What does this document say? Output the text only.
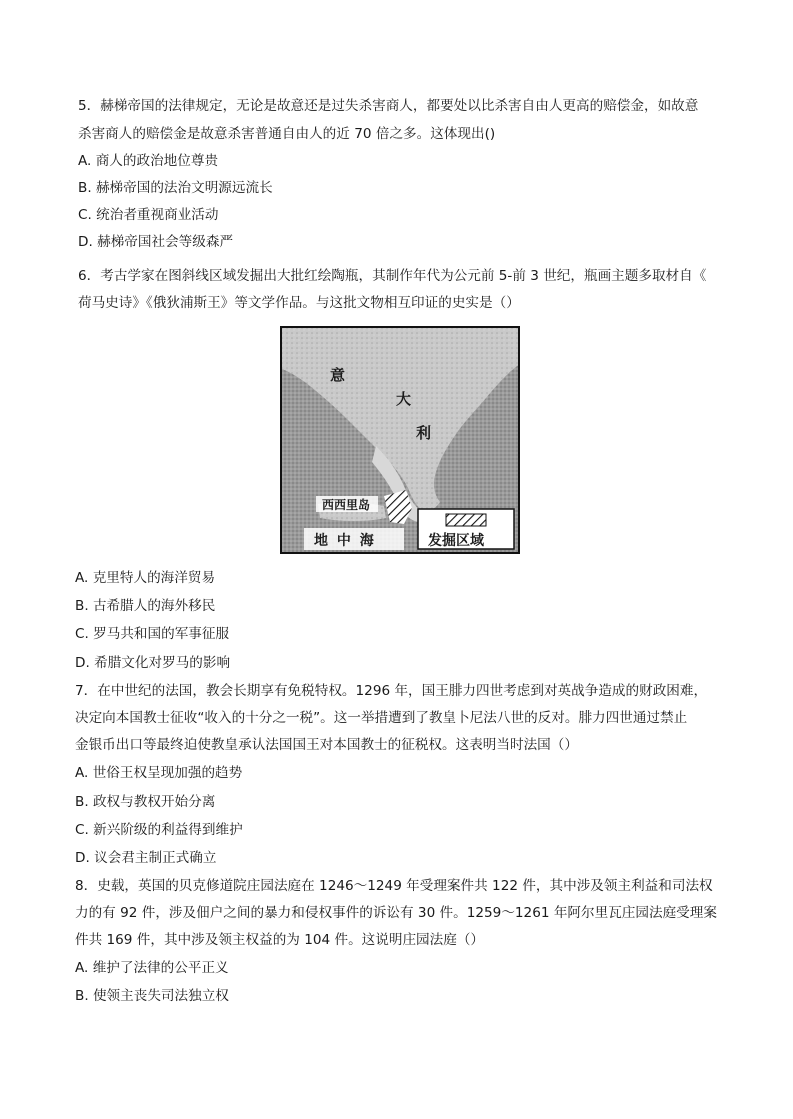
5．赫梯帝国的法律规定，无论是故意还是过失杀害商人，都要处以比杀害自由人更高的赔偿金，如故意
杀害商人的赔偿金是故意杀害普通自由人的近 70 倍之多。这体现出()
A. 商人的政治地位尊贵
B. 赫梯帝国的法治文明源远流长
C. 统治者重视商业活动
D. 赫梯帝国社会等级森严
6．考古学家在图斜线区域发掘出大批红绘陶瓶，其制作年代为公元前 5-前 3 世纪，瓶画主题多取材自《
荷马史诗》《俄狄浦斯王》等文学作品。与这批文物相互印证的史实是（）
意
大
利
西西里岛
地 中 海	发掘区域
A. 克里特人的海洋贸易
B. 古希腊人的海外移民
C. 罗马共和国的军事征服
D. 希腊文化对罗马的影响
7．在中世纪的法国，教会长期享有免税特权。1296 年，国王腓力四世考虑到对英战争造成的财政困难，
决定向本国教士征收“收入的十分之一税”。这一举措遭到了教皇卜尼法八世的反对。腓力四世通过禁止
金银币出口等最终迫使教皇承认法国国王对本国教士的征税权。这表明当时法国（）
A. 世俗王权呈现加强的趋势
B. 政权与教权开始分离
C. 新兴阶级的利益得到维护
D. 议会君主制正式确立
8．史载，英国的贝克修道院庄园法庭在 1246～1249 年受理案件共 122 件，其中涉及领主利益和司法权
力的有 92 件，涉及佃户之间的暴力和侵权事件的诉讼有 30 件。1259～1261 年阿尔里瓦庄园法庭受理案
件共 169 件，其中涉及领主权益的为 104 件。这说明庄园法庭（）
A. 维护了法律的公平正义
B. 使领主丧失司法独立权
